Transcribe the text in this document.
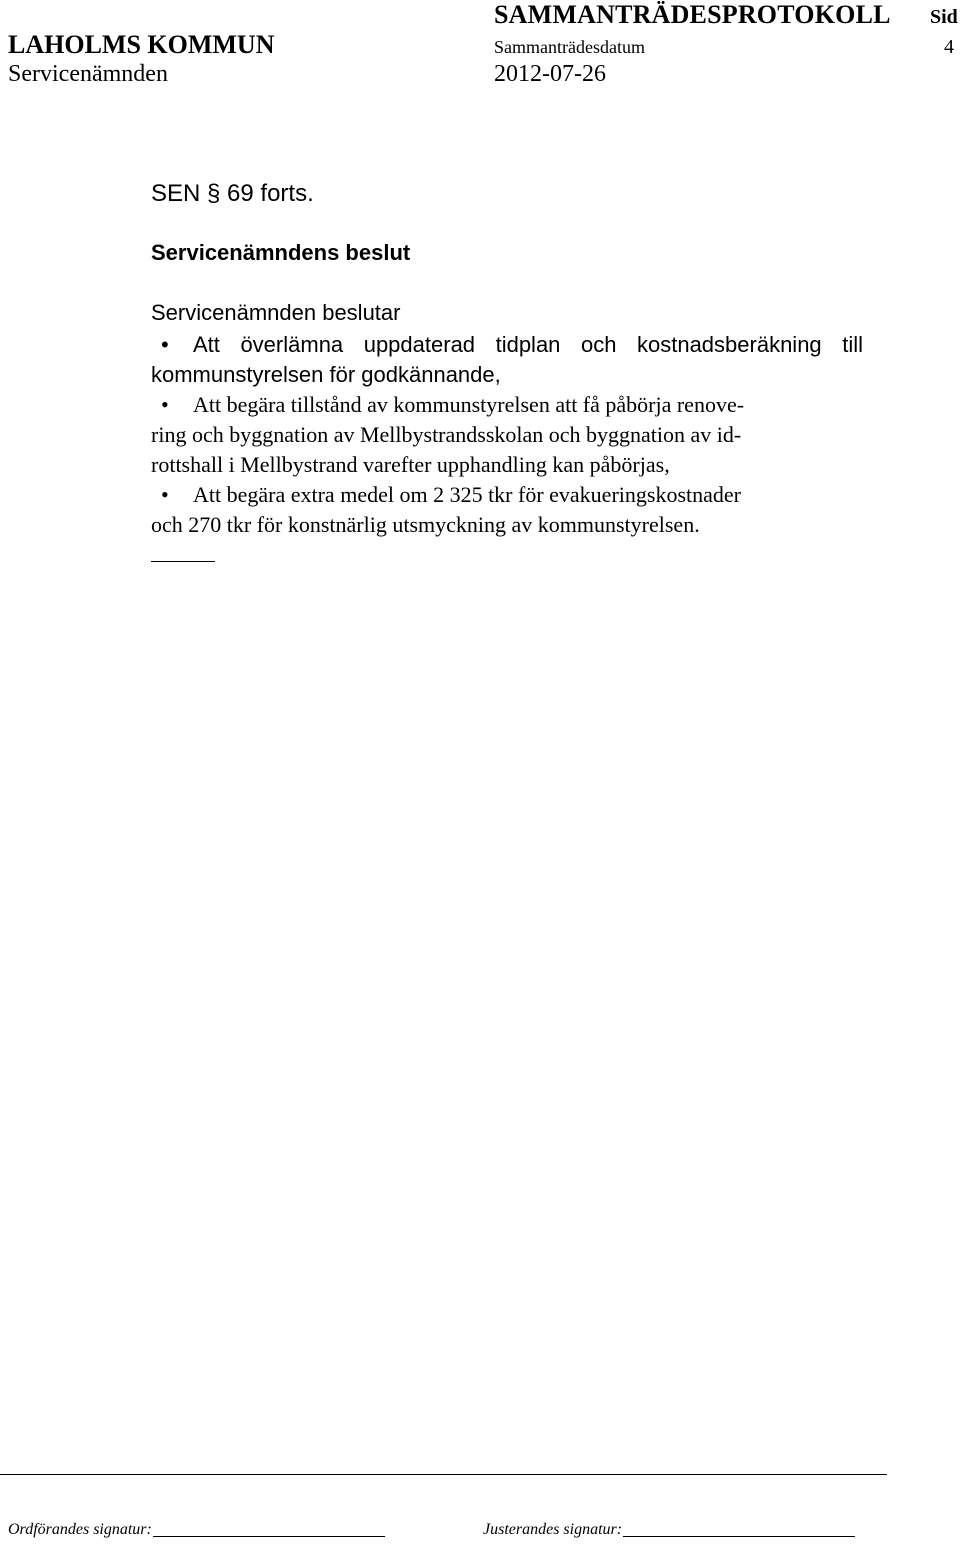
SAMMANTRÄDESPROTOKOLL Sid
LAHOLMS KOMMUN	Sammanträdesdatum	4
Servicenämnden	2012-07-26
SEN § 69 forts.
Servicenämndens beslut
Servicenämnden beslutar
• Att överlämna uppdaterad tidplan och kostnadsberäkning till
kommunstyrelsen för godkännande,
• Att begära tillstånd av kommunstyrelsen att få påbörja renove-
ring och byggnation av Mellbystrandsskolan och byggnation av id-
rottshall i Mellbystrand varefter upphandling kan påbörjas,
• Att begära extra medel om 2 325 tkr för evakueringskostnader
och 270 tkr för konstnärlig utsmyckning av kommunstyrelsen.
Ordförandes signatur:	Justerandes signatur:
